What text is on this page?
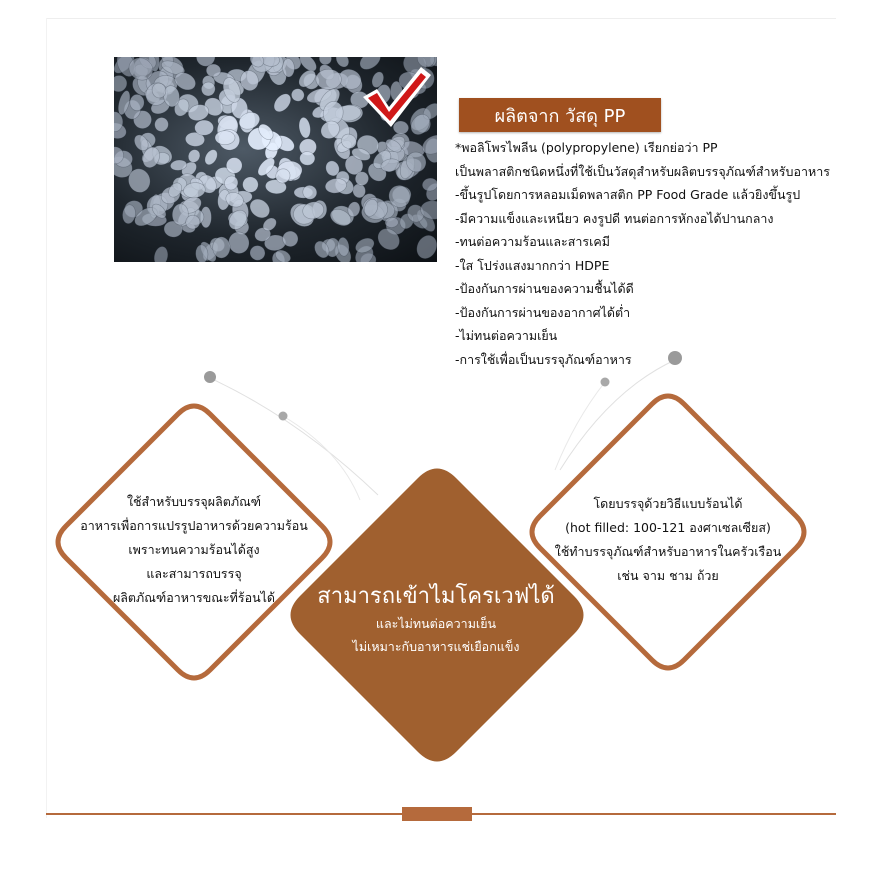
ผลิตจาก วัสดุ PP
*พอลิโพรไพลีน (polypropylene) เรียกย่อว่า PP
เป็นพลาสติกชนิดหนึ่งที่ใช้เป็นวัสดุสำหรับผลิตบรรจุภัณฑ์สำหรับอาหาร
-ขึ้นรูปโดยการหลอมเม็ดพลาสติก PP Food Grade แล้วยิงขึ้นรูป
-มีความแข็งและเหนียว คงรูปดี ทนต่อการหักงอได้ปานกลาง
-ทนต่อความร้อนและสารเคมี
-ใส โปร่งแสงมากกว่า HDPE
-ป้องกันการผ่านของความชื้นได้ดี
-ป้องกันการผ่านของอากาศได้ต่ำ
-ไม่ทนต่อความเย็น
-การใช้เพื่อเป็นบรรจุภัณฑ์อาหาร
ใช้สำหรับบรรจุผลิตภัณฑ์
อาหารเพื่อการแปรรูปอาหารด้วยความร้อน
เพราะทนความร้อนได้สูง
และสามารถบรรจุ
ผลิตภัณฑ์อาหารขณะที่ร้อนได้
โดยบรรจุด้วยวิธีแบบร้อนได้
(hot filled: 100-121 องศาเซลเซียส)
ใช้ทำบรรจุภัณฑ์สำหรับอาหารในครัวเรือน
เช่น จาม ชาม ถ้วย
สามารถเข้าไมโครเวฟได้
และไม่ทนต่อความเย็น
ไม่เหมาะกับอาหารแช่เยือกแข็ง
